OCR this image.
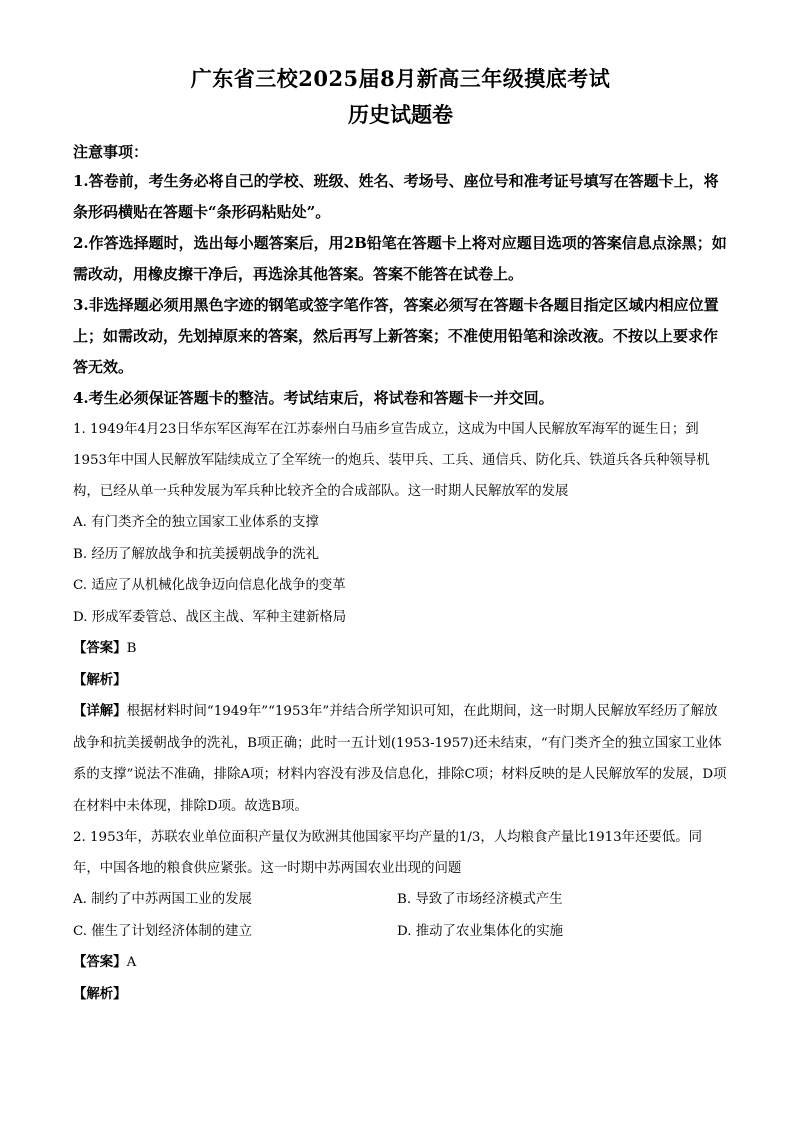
广东省三校2025届8月新高三年级摸底考试
历史试题卷

注意事项：

1.答卷前，考生务必将自己的学校、班级、姓名、考场号、座位号和准考证号填写在答题卡上，将条形码横贴在答题卡“条形码粘贴处”。

2.作答选择题时，选出每小题答案后，用2B铅笔在答题卡上将对应题目选项的答案信息点涂黑；如需改动，用橡皮擦干净后，再选涂其他答案。答案不能答在试卷上。

3.非选择题必须用黑色字迹的钢笔或签字笔作答，答案必须写在答题卡各题目指定区域内相应位置上；如需改动，先划掉原来的答案，然后再写上新答案；不准使用铅笔和涂改液。不按以上要求作答无效。

4.考生必须保证答题卡的整洁。考试结束后，将试卷和答题卡一并交回。

1. 1949年4月23日华东军区海军在江苏泰州白马庙乡宣告成立，这成为中国人民解放军海军的诞生日；到1953年中国人民解放军陆续成立了全军统一的炮兵、装甲兵、工兵、通信兵、防化兵、铁道兵各兵种领导机构，已经从单一兵种发展为军兵种比较齐全的合成部队。这一时期人民解放军的发展

A. 有门类齐全的独立国家工业体系的支撑

B. 经历了解放战争和抗美援朝战争的洗礼

C. 适应了从机械化战争迈向信息化战争的变革

D. 形成军委管总、战区主战、军种主建新格局

【答案】B

【解析】

【详解】根据材料时间“1949年”“1953年”并结合所学知识可知，在此期间，这一时期人民解放军经历了解放战争和抗美援朝战争的洗礼，B项正确；此时一五计划(1953-1957)还未结束，“有门类齐全的独立国家工业体系的支撑”说法不准确，排除A项；材料内容没有涉及信息化，排除C项；材料反映的是人民解放军的发展，D项在材料中未体现，排除D项。故选B项。

2. 1953年，苏联农业单位面积产量仅为欧洲其他国家平均产量的1/3，人均粮食产量比1913年还要低。同年，中国各地的粮食供应紧张。这一时期中苏两国农业出现的问题

A. 制约了中苏两国工业的发展	B. 导致了市场经济模式产生
C. 催生了计划经济体制的建立	D. 推动了农业集体化的实施

【答案】A

【解析】
